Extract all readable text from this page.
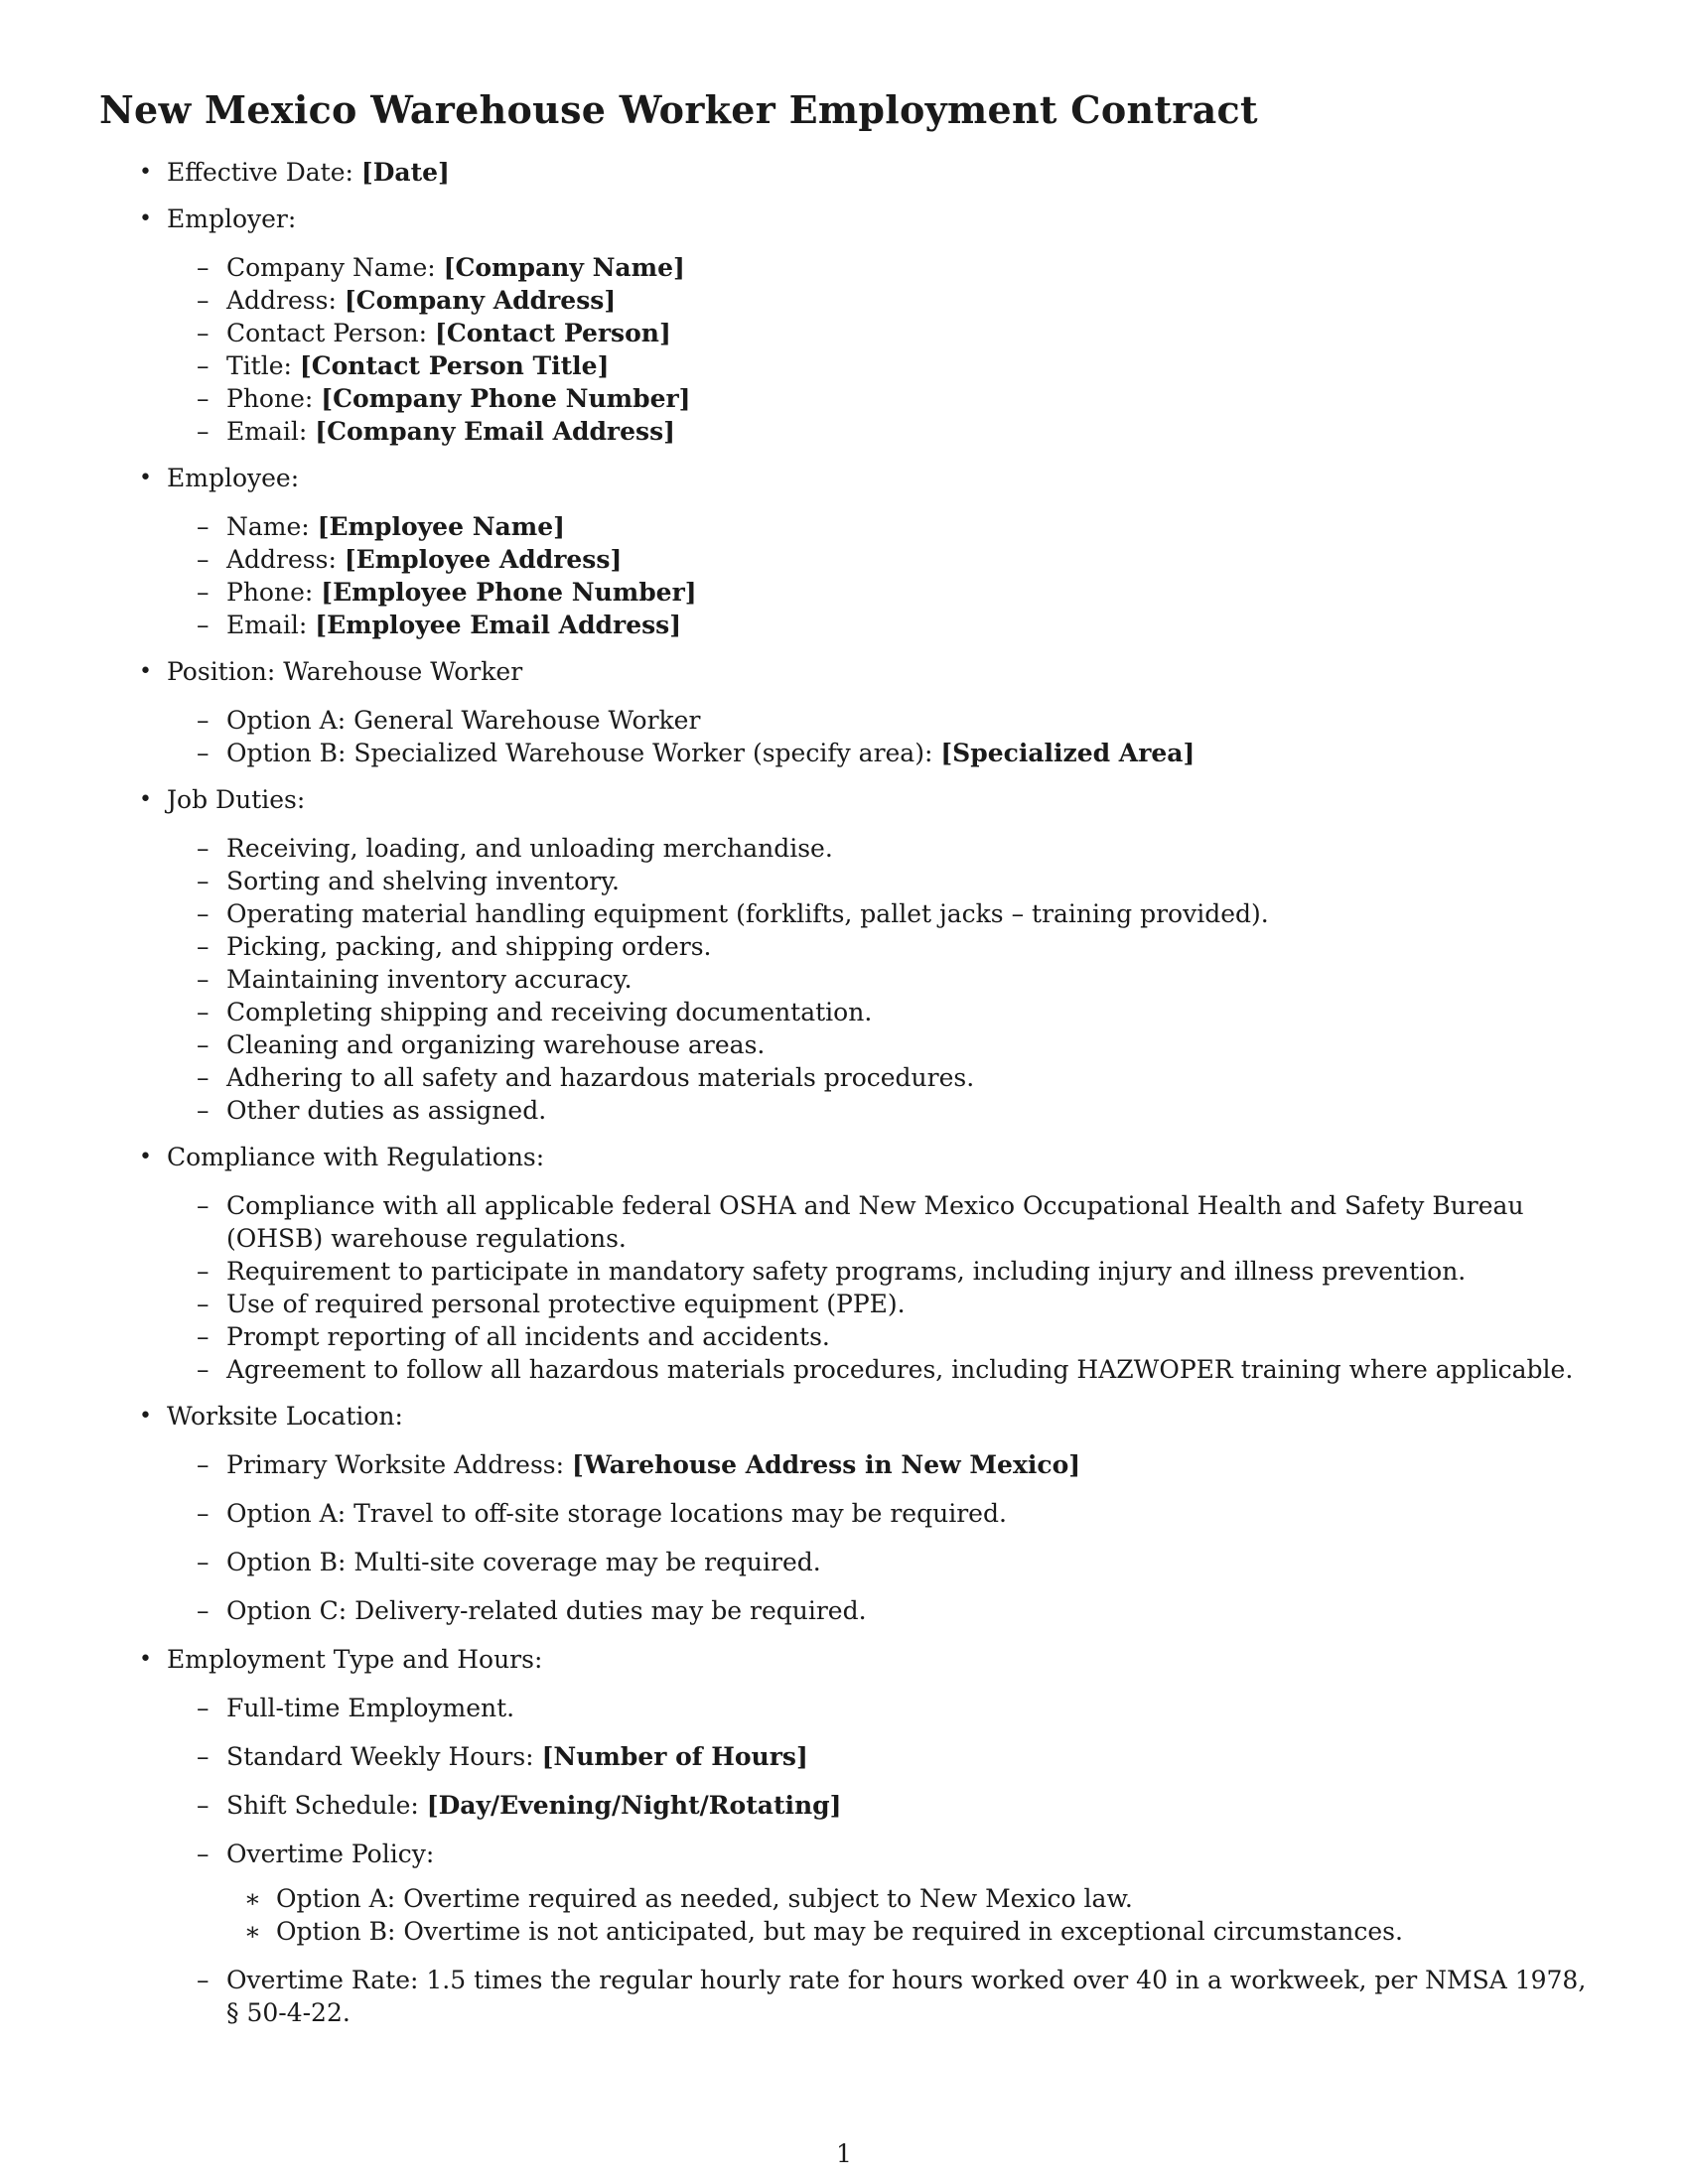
New Mexico Warehouse Worker Employment Contract
• Effective Date: [Date]
• Employer:
– Company Name: [Company Name]
– Address: [Company Address]
– Contact Person: [Contact Person]
– Title: [Contact Person Title]
– Phone: [Company Phone Number]
– Email: [Company Email Address]
• Employee:
– Name: [Employee Name]
– Address: [Employee Address]
– Phone: [Employee Phone Number]
– Email: [Employee Email Address]
• Position: Warehouse Worker
– Option A: General Warehouse Worker
– Option B: Specialized Warehouse Worker (specify area): [Specialized Area]
• Job Duties:
– Receiving, loading, and unloading merchandise.
– Sorting and shelving inventory.
– Operating material handling equipment (forklifts, pallet jacks – training provided).
– Picking, packing, and shipping orders.
– Maintaining inventory accuracy.
– Completing shipping and receiving documentation.
– Cleaning and organizing warehouse areas.
– Adhering to all safety and hazardous materials procedures.
– Other duties as assigned.
• Compliance with Regulations:
– Compliance with all applicable federal OSHA and New Mexico Occupational Health and Safety Bureau (OHSB) warehouse regulations.
– Requirement to participate in mandatory safety programs, including injury and illness prevention.
– Use of required personal protective equipment (PPE).
– Prompt reporting of all incidents and accidents.
– Agreement to follow all hazardous materials procedures, including HAZWOPER training where applicable.
• Worksite Location:
– Primary Worksite Address: [Warehouse Address in New Mexico]
– Option A: Travel to off-site storage locations may be required.
– Option B: Multi-site coverage may be required.
– Option C: Delivery-related duties may be required.
• Employment Type and Hours:
– Full-time Employment.
– Standard Weekly Hours: [Number of Hours]
– Shift Schedule: [Day/Evening/Night/Rotating]
– Overtime Policy:
∗ Option A: Overtime required as needed, subject to New Mexico law.
∗ Option B: Overtime is not anticipated, but may be required in exceptional circumstances.
– Overtime Rate: 1.5 times the regular hourly rate for hours worked over 40 in a workweek, per NMSA 1978, § 50-4-22.
1
